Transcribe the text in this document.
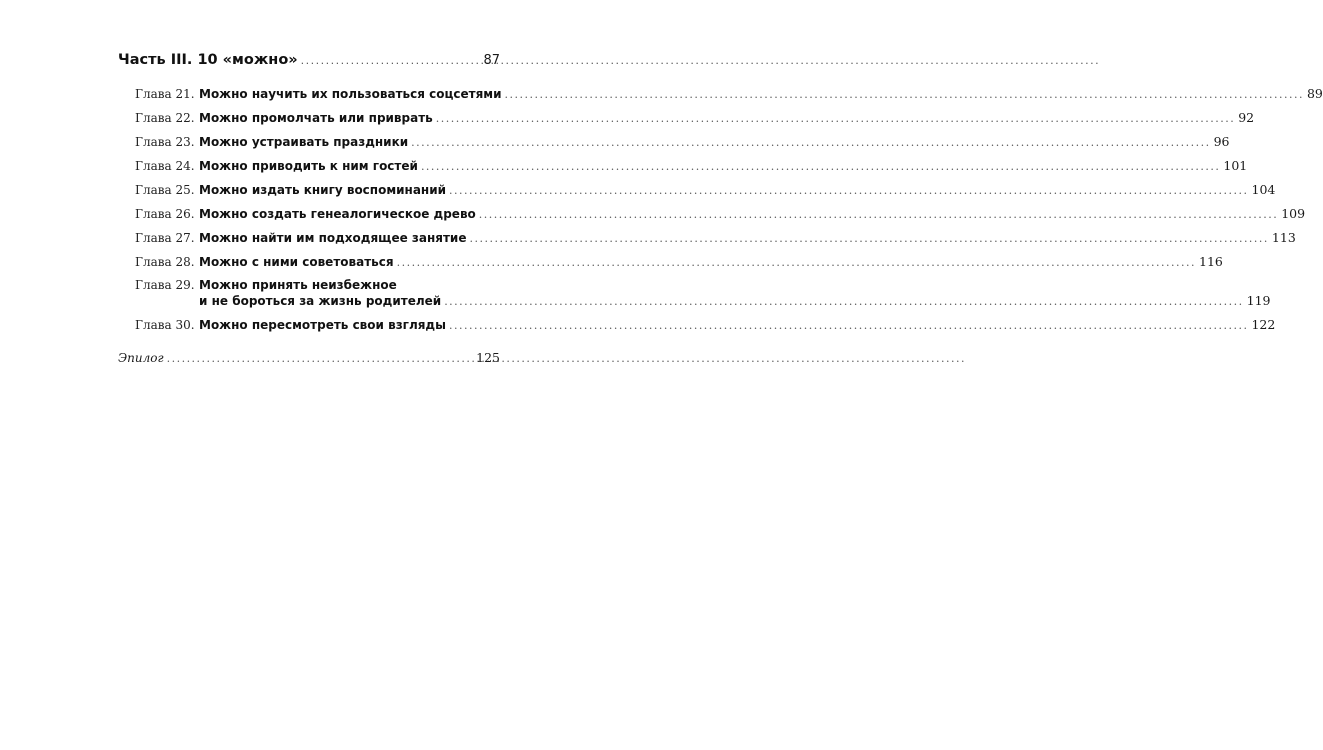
Часть III. 10 «можно» .....	87
Глава 21. Можно научить их пользоваться соцсетями .....	89
Глава 22. Можно промолчать или приврать .....	92
Глава 23. Можно устраивать праздники .....	96
Глава 24. Можно приводить к ним гостей .....	101
Глава 25. Можно издать книгу воспоминаний .....	104
Глава 26. Можно создать генеалогическое древо .....	109
Глава 27. Можно найти им подходящее занятие .....	113
Глава 28. Можно с ними советоваться .....	116
Глава 29. Можно принять неизбежное
и не бороться за жизнь родителей .....	119
Глава 30. Можно пересмотреть свои взгляды .....	122
Эпилог .....	125
